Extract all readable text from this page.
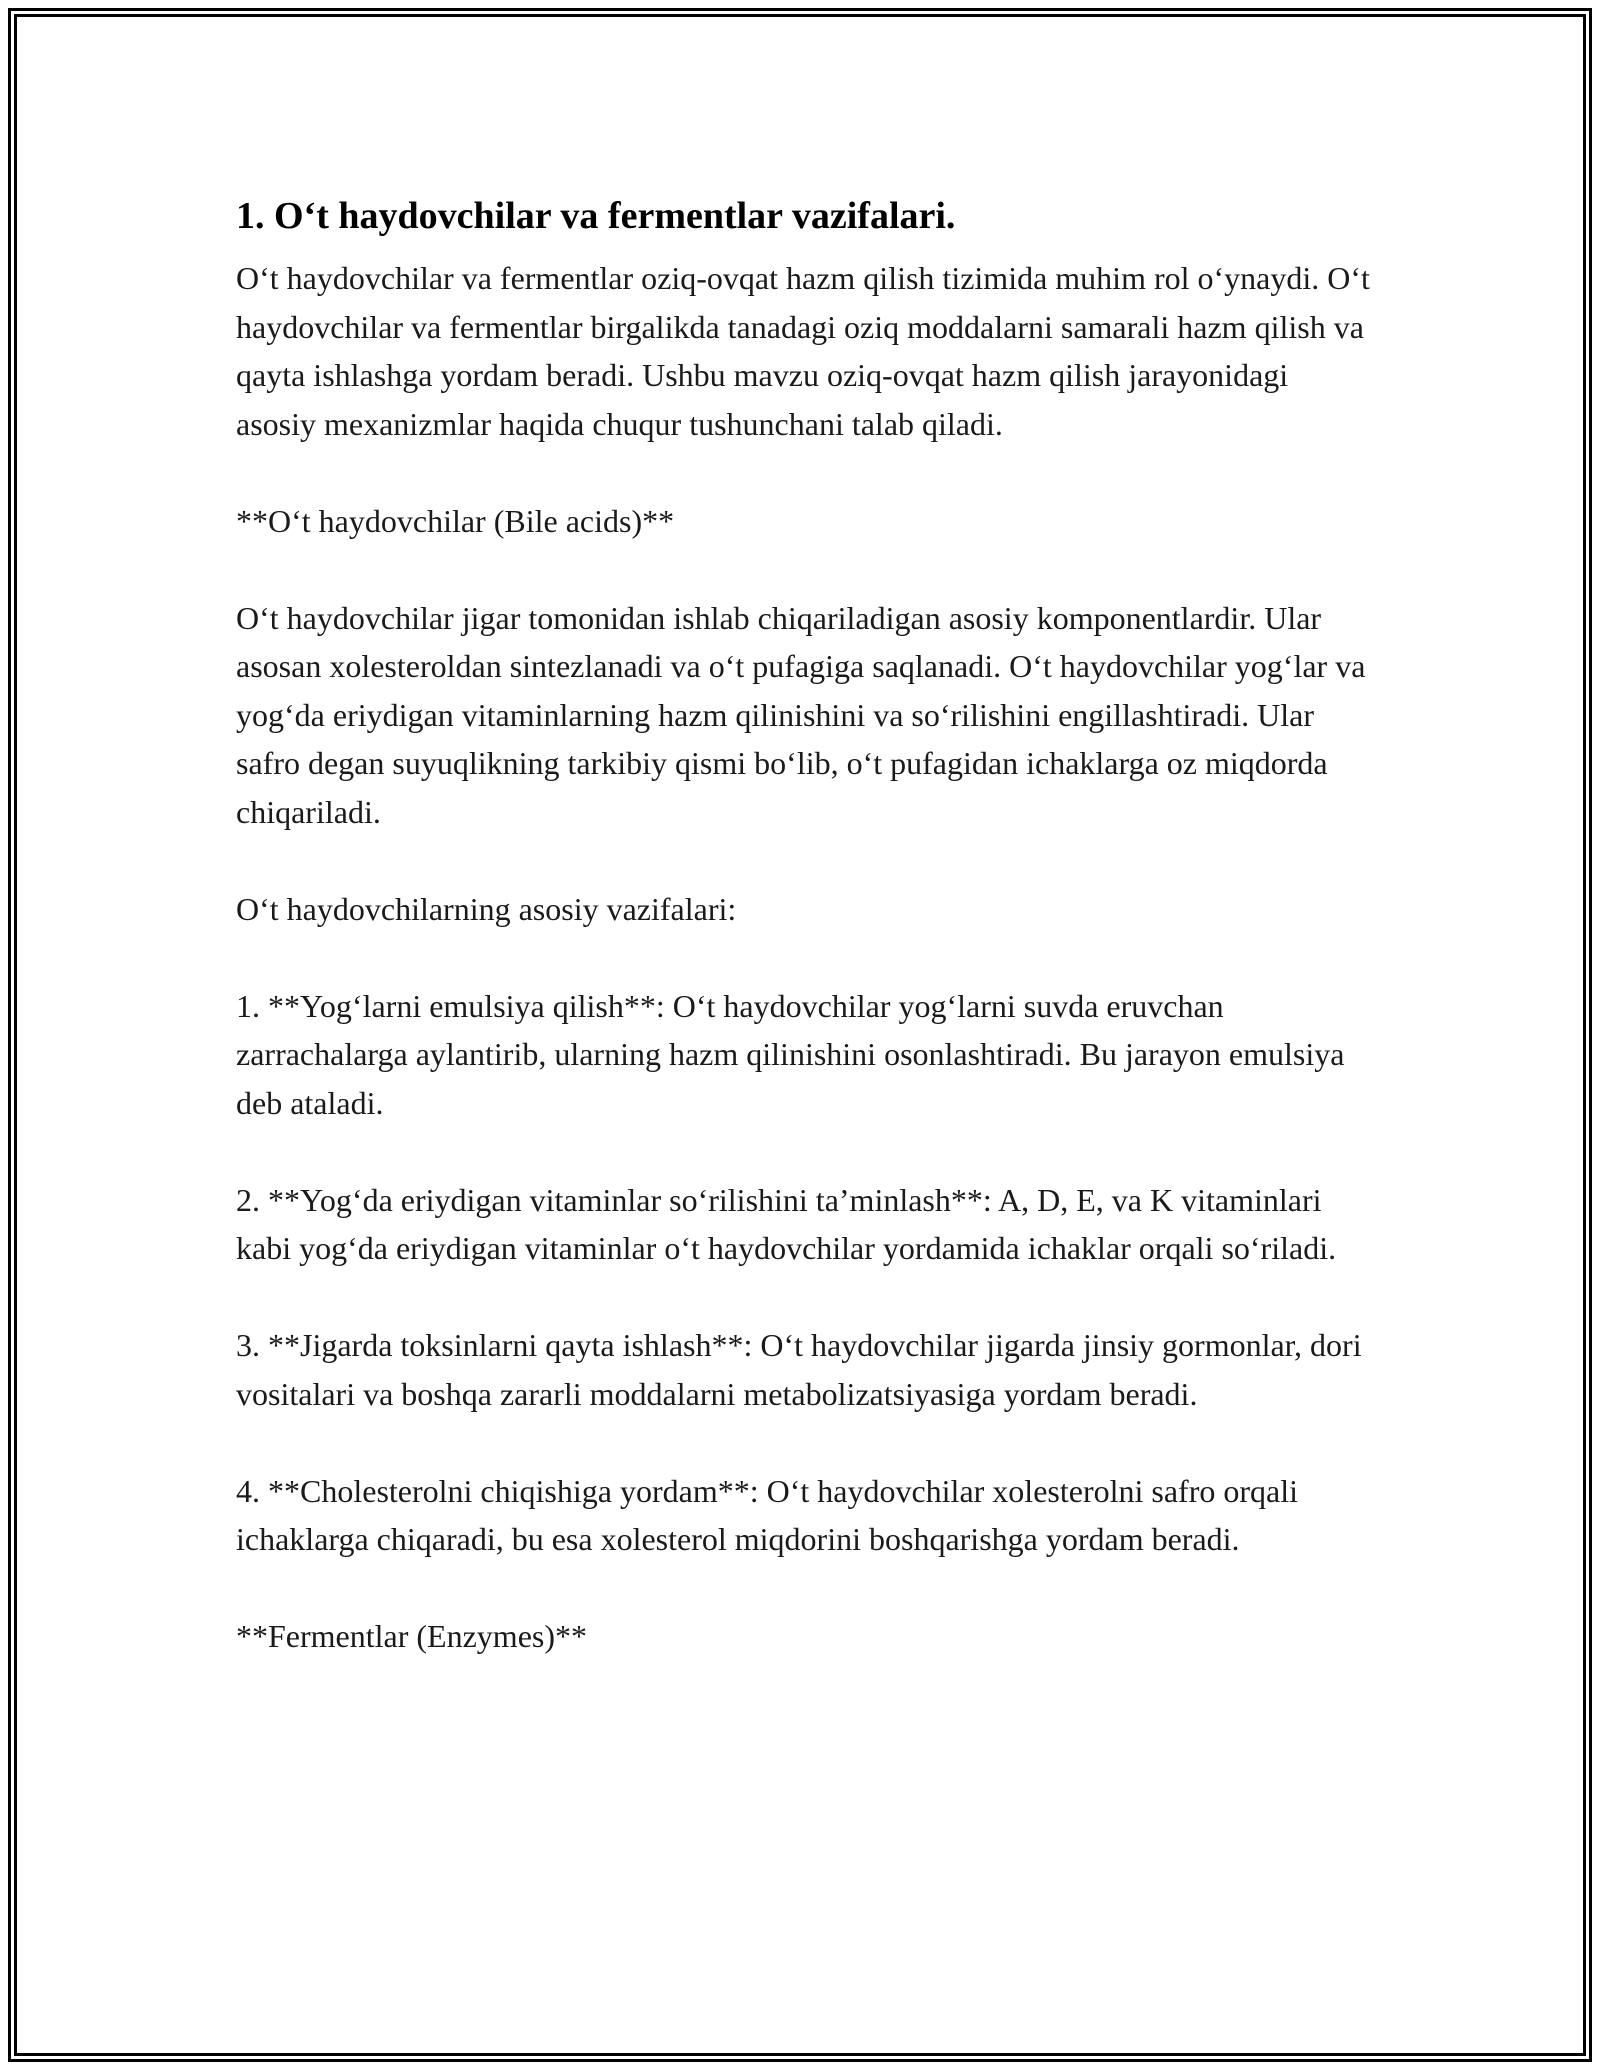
1. O‘t haydovchilar va fermentlar vazifalari.

O‘t haydovchilar va fermentlar oziq-ovqat hazm qilish tizimida muhim rol o‘ynaydi. O‘t haydovchilar va fermentlar birgalikda tanadagi oziq moddalarni samarali hazm qilish va qayta ishlashga yordam beradi. Ushbu mavzu oziq-ovqat hazm qilish jarayonidagi asosiy mexanizmlar haqida chuqur tushunchani talab qiladi.

**O‘t haydovchilar (Bile acids)**

O‘t haydovchilar jigar tomonidan ishlab chiqariladigan asosiy komponentlardir. Ular asosan xolesteroldan sintezlanadi va o‘t pufagiga saqlanadi. O‘t haydovchilar yog‘lar va yog‘da eriydigan vitaminlarning hazm qilinishini va so‘rilishini engillashtiradi. Ular safro degan suyuqlikning tarkibiy qismi bo‘lib, o‘t pufagidan ichaklarga oz miqdorda chiqariladi.

O‘t haydovchilarning asosiy vazifalari:

1. **Yog‘larni emulsiya qilish**: O‘t haydovchilar yog‘larni suvda eruvchan zarrachalarga aylantirib, ularning hazm qilinishini osonlashtiradi. Bu jarayon emulsiya deb ataladi.

2. **Yog‘da eriydigan vitaminlar so‘rilishini ta’minlash**: A, D, E, va K vitaminlari kabi yog‘da eriydigan vitaminlar o‘t haydovchilar yordamida ichaklar orqali so‘riladi.

3. **Jigarda toksinlarni qayta ishlash**: O‘t haydovchilar jigarda jinsiy gormonlar, dori vositalari va boshqa zararli moddalarni metabolizatsiyasiga yordam beradi.

4. **Cholesterolni chiqishiga yordam**: O‘t haydovchilar xolesterolni safro orqali ichaklarga chiqaradi, bu esa xolesterol miqdorini boshqarishga yordam beradi.

**Fermentlar (Enzymes)**
